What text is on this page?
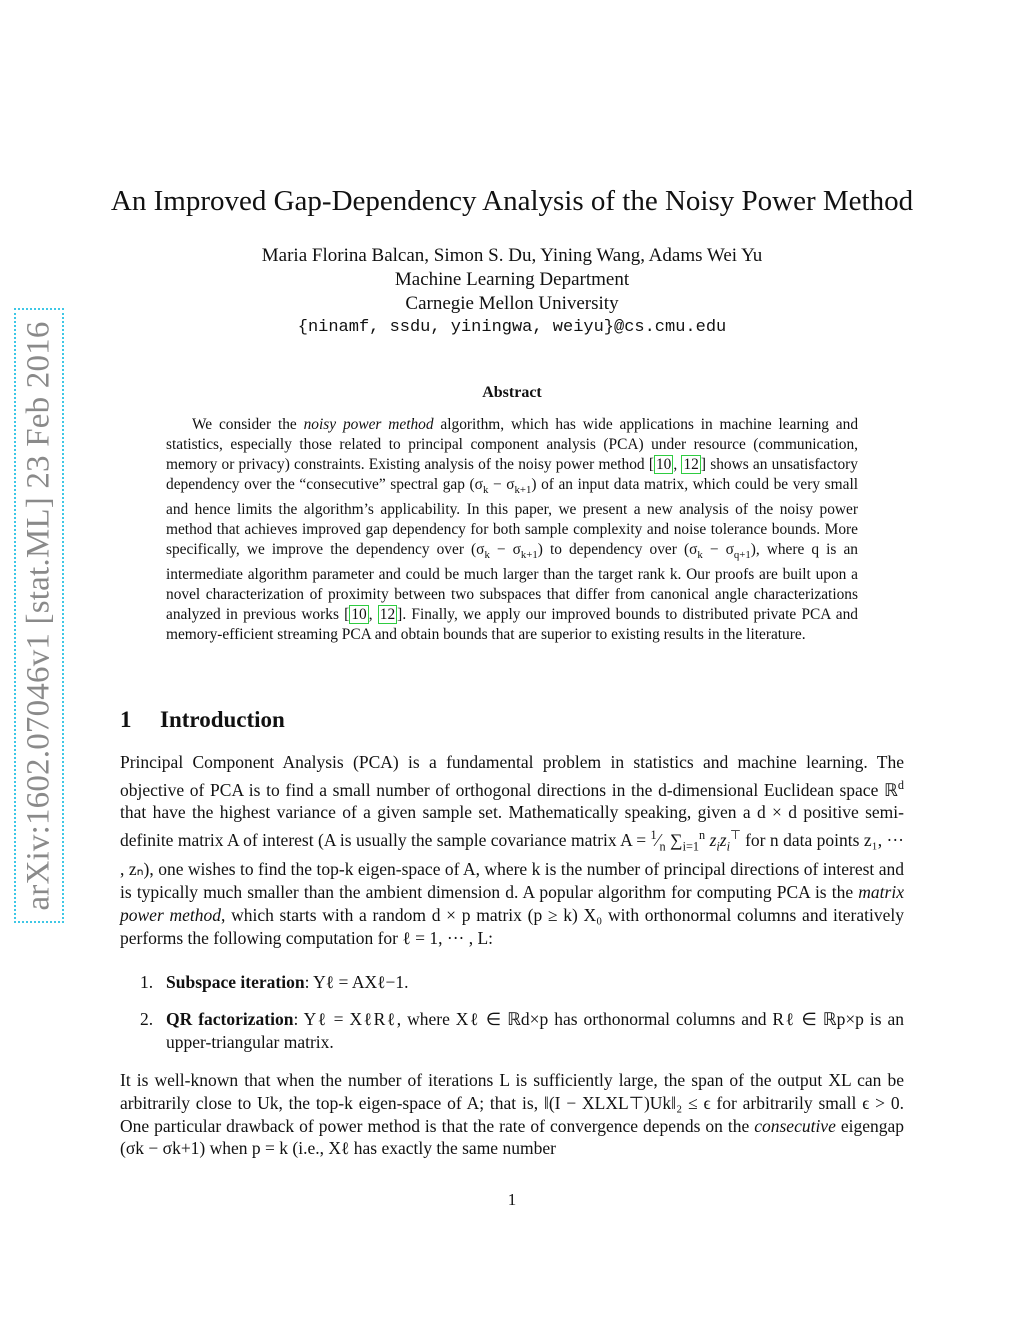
arXiv:1602.07046v1 [stat.ML] 23 Feb 2016
An Improved Gap-Dependency Analysis of the Noisy Power Method
Maria Florina Balcan, Simon S. Du, Yining Wang, Adams Wei Yu
Machine Learning Department
Carnegie Mellon University
{ninamf, ssdu, yiningwa, weiyu}@cs.cmu.edu
Abstract
We consider the noisy power method algorithm, which has wide applications in machine learning and statistics, especially those related to principal component analysis (PCA) under resource (communication, memory or privacy) constraints. Existing analysis of the noisy power method [ 10 , 12 ] shows an unsatisfactory dependency over the “consecutive” spectral gap $(\sigma_k - \sigma_{k+1})$ of an input data matrix, which could be very small and hence limits the algorithm’s applicability. In this paper, we present a new analysis of the noisy power method that achieves improved gap dependency for both sample complexity and noise tolerance bounds. More specifically, we improve the dependency over $(\sigma_k - \sigma_{k+1})$ to dependency over $(\sigma_k - \sigma_{q+1})$, where q is an intermediate algorithm parameter and could be much larger than the target rank k. Our proofs are built upon a novel characterization of proximity between two subspaces that differ from canonical angle characterizations analyzed in previous works [ 10 , 12 ]. Finally, we apply our improved bounds to distributed private PCA and memory-efficient streaming PCA and obtain bounds that are superior to existing results in the literature.
1 Introduction
Principal Component Analysis (PCA) is a fundamental problem in statistics and machine learning. The objective of PCA is to find a small number of orthogonal directions in the d-dimensional Euclidean space ℝ$^d$ that have the highest variance of a given sample set. Mathematically speaking, given a d × d positive semi-definite matrix A of interest (A is usually the sample covariance matrix $A = ^1⁄_n$ $\sum_{i=1}^n$ $z_iz_i^⊤$ for n data points z₁, ··· , zₙ), one wishes to find the top-k eigen-space of A, where k is the number of principal directions of interest and is typically much smaller than the ambient dimension d. A popular algorithm for computing PCA is the matrix power method, which starts with a random d × p matrix (p ≥ k) X₀ with orthonormal columns and iteratively performs the following computation for ℓ = 1, ··· , L:
1. Subspace iteration: Yℓ = AXℓ−1.
2. QR factorization: Yℓ = XℓRℓ, where Xℓ ∈ ℝd×p has orthonormal columns and Rℓ ∈ ℝp×p is an upper-triangular matrix.
It is well-known that when the number of iterations L is sufficiently large, the span of the output XL can be arbitrarily close to Uk, the top-k eigen-space of A; that is, ‖(I − XLXL⊤)Uk‖₂ ≤ ϵ for arbitrarily small ϵ > 0. One particular drawback of power method is that the rate of convergence depends on the consecutive eigengap (σk − σk+1) when p = k (i.e., Xℓ has exactly the same number
1
